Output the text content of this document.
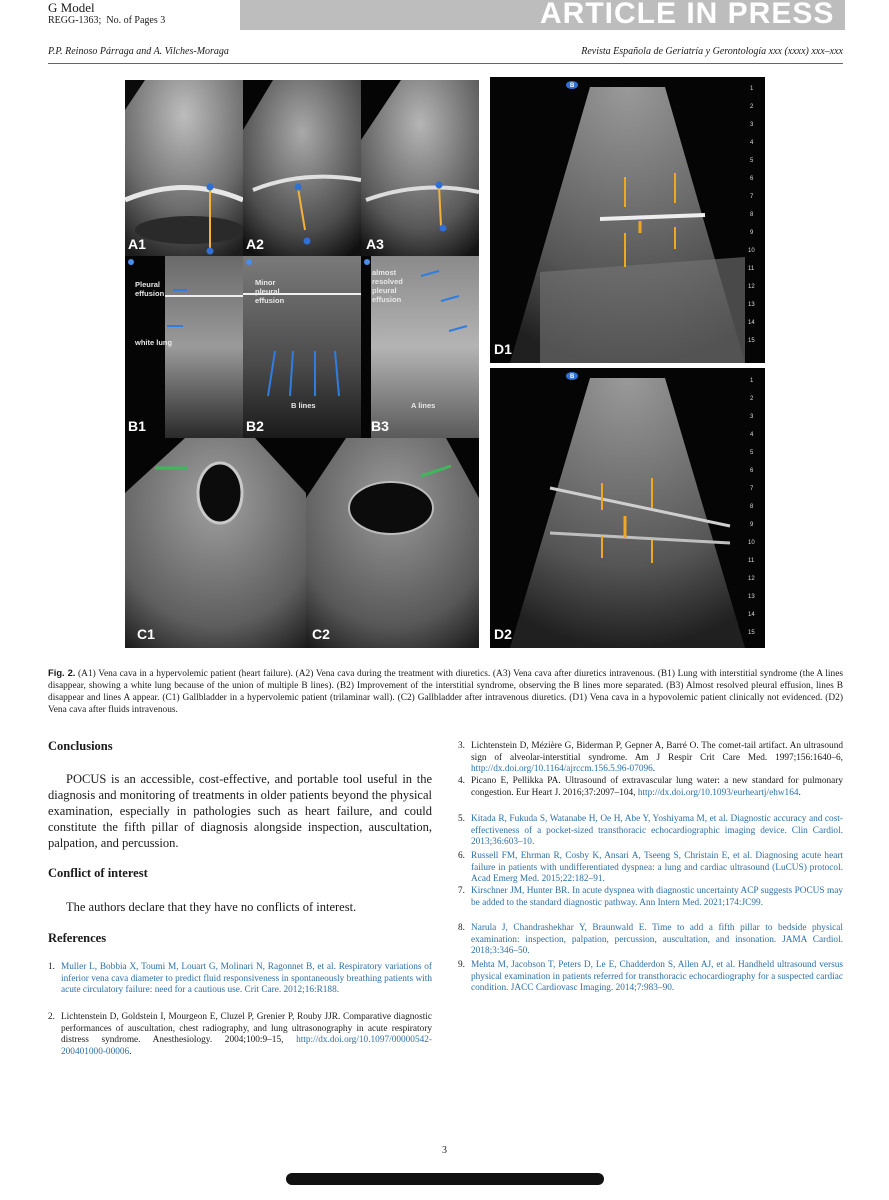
ARTICLE IN PRESS
G Model
REGG-1363; No. of Pages 3
P.P. Reinoso Párraga and A. Vilches-Moraga	Revista Española de Geriatría y Gerontología xxx (xxxx) xxx–xxx
A1	A2	A3
Pleural effusion
white lung
B1
Minor pleural effusion
B lines
B2
almost resolved pleural effusion
A lines
B3
C1	C2
1
2
3
4
5
6
7
8
9
10
11
12
13
14
15
B
D1
1
2
3
4
5
6
7
8
9
10
11
12
13
14
15
B
D2
Fig. 2. (A1) Vena cava in a hypervolemic patient (heart failure). (A2) Vena cava during the treatment with diuretics. (A3) Vena cava after diuretics intravenous. (B1) Lung with interstitial syndrome (the A lines disappear, showing a white lung because of the union of multiple B lines). (B2) Improvement of the interstitial syndrome, observing the B lines more separated. (B3) Almost resolved pleural effusion, lines B disappear and lines A appear. (C1) Gallbladder in a hypervolemic patient (trilaminar wall). (C2) Gallbladder after intravenous diuretics. (D1) Vena cava in a hypovolemic patient clinically not evidenced. (D2) Vena cava after fluids intravenous.
Conclusions
POCUS is an accessible, cost-effective, and portable tool useful in the diagnosis and monitoring of treatments in older patients beyond the physical examination, especially in pathologies such as heart failure, and could constitute the fifth pillar of diagnosis alongside inspection, auscultation, palpation, and percussion.
Conflict of interest
The authors declare that they have no conflicts of interest.
References
1. Muller L, Bobbia X, Toumi M, Louart G, Molinari N, Ragonnet B, et al. Respiratory variations of inferior vena cava diameter to predict fluid responsiveness in spontaneously breathing patients with acute circulatory failure: need for a cautious use. Crit Care. 2012;16:R188.
2. Lichtenstein D, Goldstein I, Mourgeon E, Cluzel P, Grenier P, Rouby JJR. Comparative diagnostic performances of auscultation, chest radiography, and lung ultrasonography in acute respiratory distress syndrome. Anesthesiology. 2004;100:9–15, http://dx.doi.org/10.1097/00000542-200401000-00006.
3. Lichtenstein D, Mézière G, Biderman P, Gepner A, Barré O. The comet-tail artifact. An ultrasound sign of alveolar-interstitial syndrome. Am J Respir Crit Care Med. 1997;156:1640–6, http://dx.doi.org/10.1164/ajrccm.156.5.96-07096.
4. Picano E, Pellikka PA. Ultrasound of extravascular lung water: a new standard for pulmonary congestion. Eur Heart J. 2016;37:2097–104, http://dx.doi.org/10.1093/eurheartj/ehw164.
5. Kitada R, Fukuda S, Watanabe H, Oe H, Abe Y, Yoshiyama M, et al. Diagnostic accuracy and cost-effectiveness of a pocket-sized transthoracic echocardiographic imaging device. Clin Cardiol. 2013;36:603–10.
6. Russell FM, Ehrman R, Cosby K, Ansari A, Tseeng S, Christain E, et al. Diagnosing acute heart failure in patients with undifferentiated dyspnea: a lung and cardiac ultrasound (LuCUS) protocol. Acad Emerg Med. 2015;22:182–91.
7. Kirschner JM, Hunter BR. In acute dyspnea with diagnostic uncertainty ACP suggests POCUS may be added to the standard diagnostic pathway. Ann Intern Med. 2021;174:JC99.
8. Narula J, Chandrashekhar Y, Braunwald E. Time to add a fifth pillar to bedside physical examination: inspection, palpation, percussion, auscultation, and insonation. JAMA Cardiol. 2018;3:346–50.
9. Mehta M, Jacobson T, Peters D, Le E, Chadderdon S, Allen AJ, et al. Handheld ultrasound versus physical examination in patients referred for transthoracic echocardiography for a suspected cardiac condition. JACC Cardiovasc Imaging. 2014;7:983–90.
3
